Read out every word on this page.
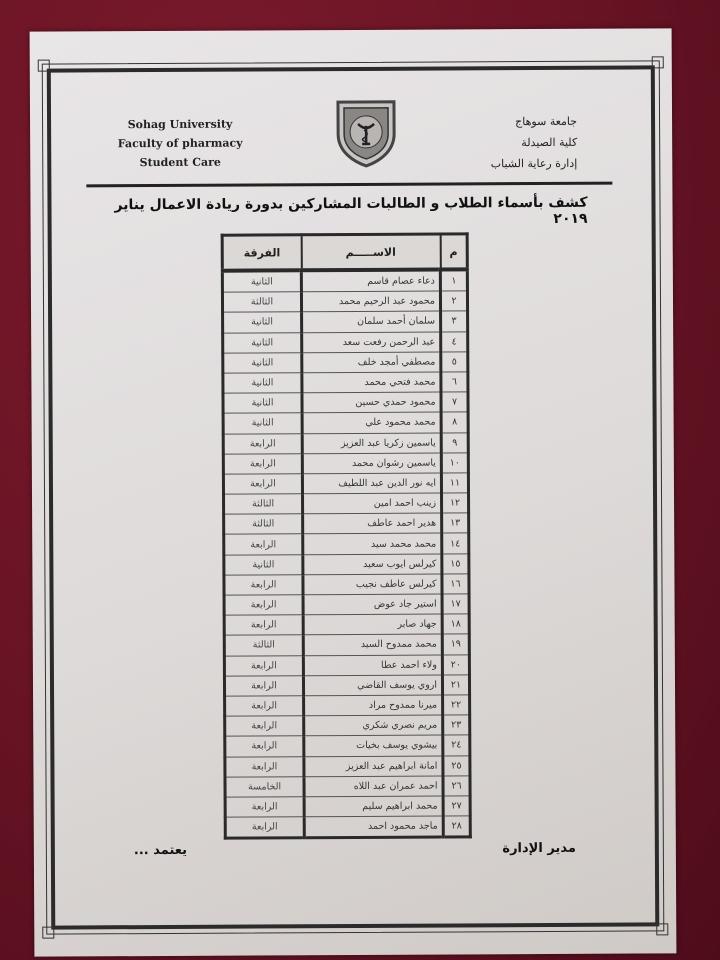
Sohag University
Faculty of pharmacy
Student Care
جامعة سوهاج
كلية الصيدلة
إدارة رعاية الشباب
كشف بأسماء الطلاب و الطالبات المشاركين بدورة ريادة الاعمال يناير ٢٠١٩
م	الاســـــم	الفرقة
١	دعاء عصام قاسم	الثانية
٢	محمود عبد الرحيم محمد	الثالثة
٣	سلمان أحمد سلمان	الثانية
٤	عبد الرحمن رفعت سعد	الثانية
٥	مصطفي أمجد خلف	الثانية
٦	محمد فتحي محمد	الثانية
٧	محمود حمدي حسين	الثانية
٨	محمد محمود علي	الثانية
٩	ياسمين زكريا عبد العزيز	الرابعة
١٠	ياسمين رشوان محمد	الرابعة
١١	ايه نور الدين عبد اللطيف	الرابعة
١٢	زينب احمد امين	الثالثة
١٣	هدير احمد عاطف	الثالثة
١٤	محمد محمد سيد	الرابعة
١٥	كيرلس ايوب سعيد	الثانية
١٦	كيرلس عاطف نجيب	الرابعة
١٧	استير جاد عوض	الرابعة
١٨	جهاد صابر	الرابعة
١٩	محمد ممدوح السيد	الثالثة
٢٠	ولاء احمد عطا	الرابعة
٢١	اروي يوسف القاضي	الرابعة
٢٢	ميرنا ممدوح مراد	الرابعة
٢٣	مريم نصري شكري	الرابعة
٢٤	بيشوي يوسف بخيات	الرابعة
٢٥	امانة ابراهيم عبد العزيز	الرابعة
٢٦	احمد عمران عبد اللاه	الخامسة
٢٧	محمد ابراهيم سليم	الرابعة
٢٨	ماجد محمود احمد	الرابعة
مدير الإدارة
يعتمد ...
